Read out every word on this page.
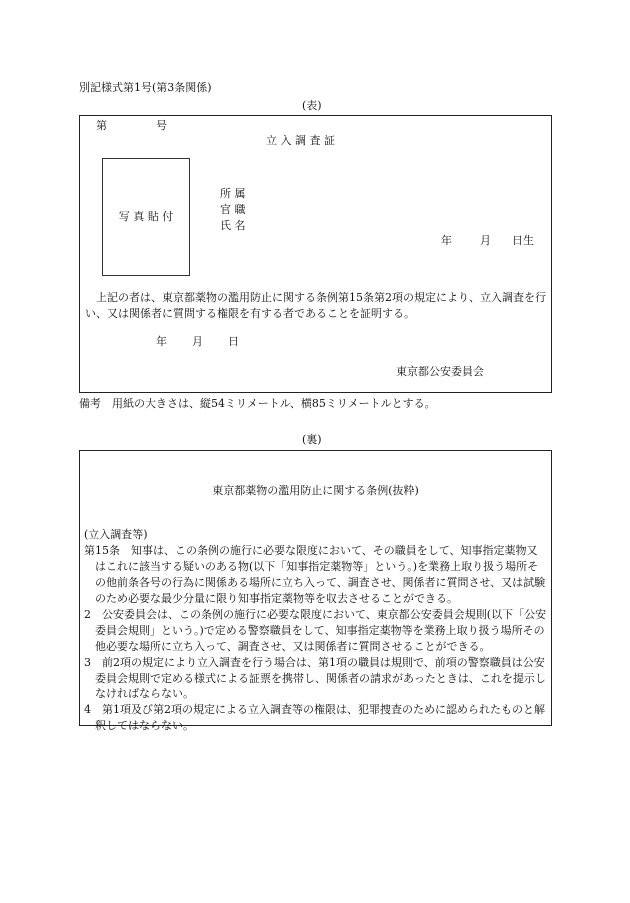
別記様式第1号(第3条関係)
(表)
第	号
立 入 調 査 証
写 真 貼 付
所 属
官 職
氏 名
年	月 日生
上記の者は、東京都薬物の濫用防止に関する条例第15条第2項の規定により、立入調査を行い、又は関係者に質問する権限を有する者であることを証明する。
年 月 日
東京都公安委員会
備考　用紙の大きさは、縦54ミリメートル、横85ミリメートルとする。
(裏)
東京都薬物の濫用防止に関する条例(抜粋)
(立入調査等)
第15条　知事は、この条例の施行に必要な限度において、その職員をして、知事指定薬物又はこれに該当する疑いのある物(以下「知事指定薬物等」という。)を業務上取り扱う場所その他前条各号の行為に関係ある場所に立ち入って、調査させ、関係者に質問させ、又は試験のため必要な最少分量に限り知事指定薬物等を収去させることができる。
2　公安委員会は、この条例の施行に必要な限度において、東京都公安委員会規則(以下「公安委員会規則」という。)で定める警察職員をして、知事指定薬物等を業務上取り扱う場所その他必要な場所に立ち入って、調査させ、又は関係者に質問させることができる。
3　前2項の規定により立入調査を行う場合は、第1項の職員は規則で、前項の警察職員は公安委員会規則で定める様式による証票を携帯し、関係者の請求があったときは、これを提示しなければならない。
4　第1項及び第2項の規定による立入調査等の権限は、犯罪捜査のために認められたものと解釈してはならない。
